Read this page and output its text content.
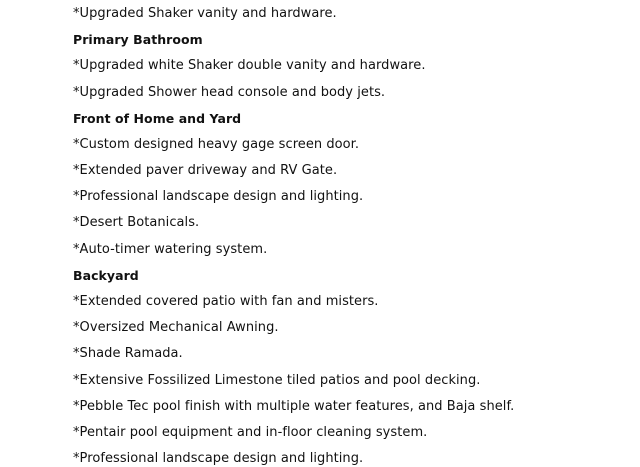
*Upgraded Shaker vanity and hardware.
Primary Bathroom
*Upgraded white Shaker double vanity and hardware.
*Upgraded Shower head console and body jets.
Front of Home and Yard
*Custom designed heavy gage screen door.
*Extended paver driveway and RV Gate.
*Professional landscape design and lighting.
*Desert Botanicals.
*Auto-timer watering system.
Backyard
*Extended covered patio with fan and misters.
*Oversized Mechanical Awning.
*Shade Ramada.
*Extensive Fossilized Limestone tiled patios and pool decking.
*Pebble Tec pool finish with multiple water features, and Baja shelf.
*Pentair pool equipment and in-floor cleaning system.
*Professional landscape design and lighting.
